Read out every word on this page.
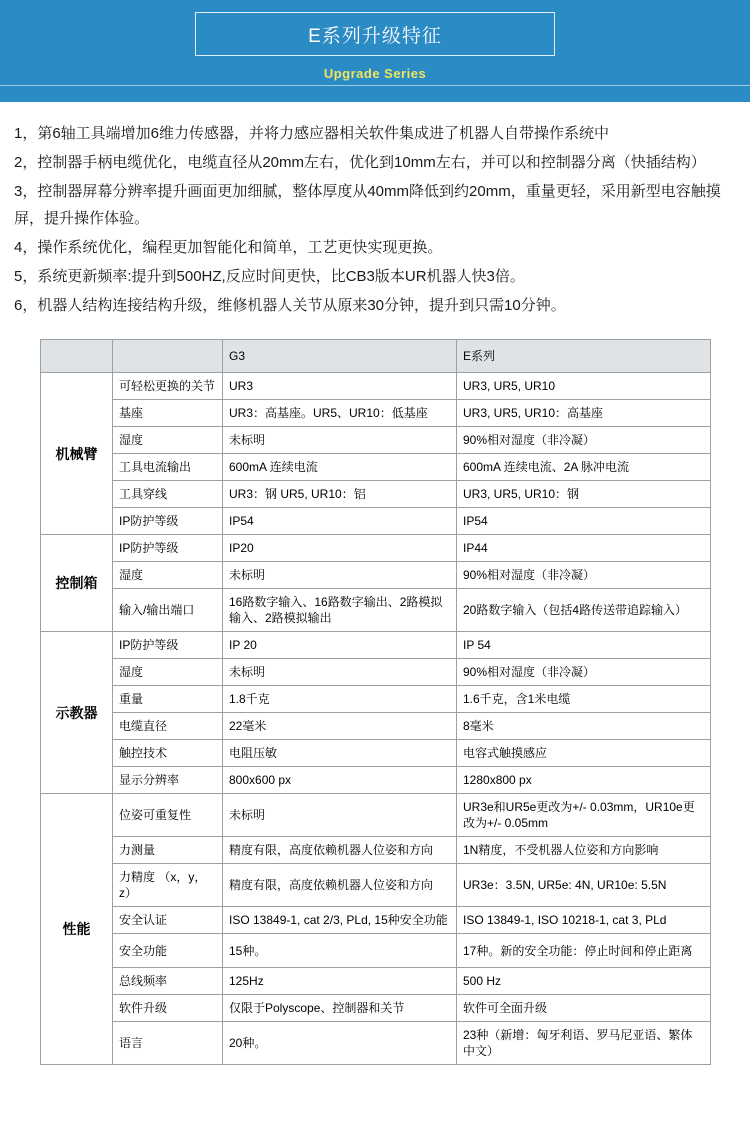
E系列升级特征
Upgrade Series

1，第6轴工具端增加6维力传感器，并将力感应器相关软件集成进了机器人自带操作系统中

2，控制器手柄电缆优化，电缆直径从20mm左右，优化到10mm左右，并可以和控制器分离（快插结构）

3，控制器屏幕分辨率提升画面更加细腻，整体厚度从40mm降低到约20mm，重量更轻，采用新型电容触摸屏，提升操作体验。

4，操作系统优化，编程更加智能化和简单，工艺更快实现更换。

5，系统更新频率:提升到500HZ,反应时间更快，比CB3版本UR机器人快3倍。

6，机器人结构连接结构升级，维修机器人关节从原来30分钟，提升到只需10分钟。

		G3	E系列
机械臂	可轻松更换的关节	UR3	UR3, UR5, UR10
	基座	UR3：高基座。UR5、UR10：低基座	UR3, UR5, UR10：高基座
	湿度	未标明	90%相对湿度（非冷凝）
	工具电流输出	600mA 连续电流	600mA 连续电流、2A 脉冲电流
	工具穿线	UR3：钢 UR5, UR10：铝	UR3, UR5, UR10：钢
	IP防护等级	IP54	IP54
控制箱	IP防护等级	IP20	IP44
	湿度	未标明	90%相对湿度（非冷凝）
	输入/输出端口	16路数字输入、16路数字输出、2路模拟输入、2路模拟输出	20路数字输入（包括4路传送带追踪输入）
示教器	IP防护等级	IP 20	IP 54
	湿度	未标明	90%相对湿度（非冷凝）
	重量	1.8千克	1.6千克，含1米电缆
	电缆直径	22毫米	8毫米
	触控技术	电阻压敏	电容式触摸感应
	显示分辨率	800x600 px	1280x800 px
性能	位姿可重复性	未标明	UR3e和UR5e更改为+/- 0.03mm，UR10e更改为+/- 0.05mm
	力测量	精度有限，高度依赖机器人位姿和方向	1N精度，不受机器人位姿和方向影响
	力精度 （x，y，z）	精度有限，高度依赖机器人位姿和方向	UR3e：3.5N, UR5e: 4N, UR10e: 5.5N
	安全认证	ISO 13849-1, cat 2/3, PLd, 15种安全功能	ISO 13849-1, ISO 10218-1, cat 3, PLd
	安全功能	15种。	17种。新的安全功能：停止时间和停止距离
	总线频率	125Hz	500 Hz
	软件升级	仅限于Polyscope、控制器和关节	软件可全面升级
	语言	20种。	23种（新增：匈牙利语、罗马尼亚语、繁体中文）
